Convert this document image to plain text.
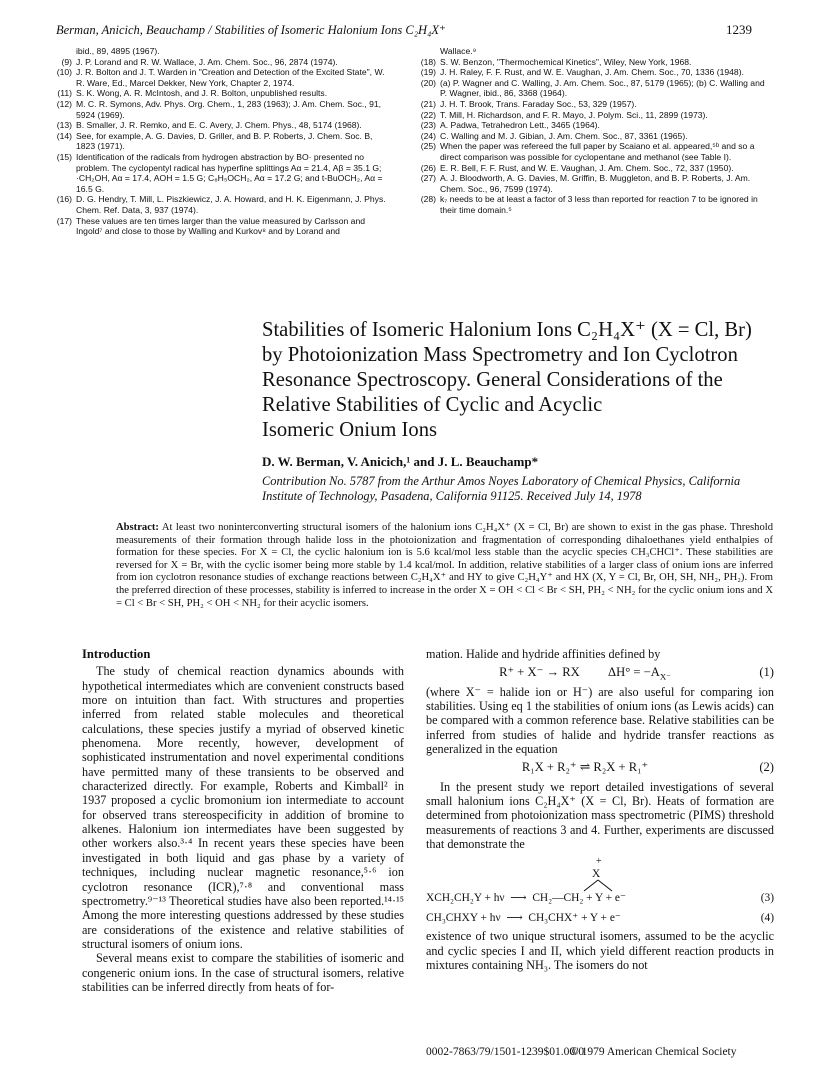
Berman, Anicich, Beauchamp / Stabilities of Isomeric Halonium Ions C₂H₄X⁺	1239
ibid., 89, 4895 (1967).
(9) J. P. Lorand and R. W. Wallace, J. Am. Chem. Soc., 96, 2874 (1974).
(10) J. R. Bolton and J. T. Warden in "Creation and Detection of the Excited State", W. R. Ware, Ed., Marcel Dekker, New York, Chapter 2, 1974.
(11) S. K. Wong, A. R. McIntosh, and J. R. Bolton, unpublished results.
(12) M. C. R. Symons, Adv. Phys. Org. Chem., 1, 283 (1963); J. Am. Chem. Soc., 91, 5924 (1969).
(13) B. Smaller, J. R. Remko, and E. C. Avery, J. Chem. Phys., 48, 5174 (1968).
(14) See, for example, A. G. Davies, D. Griller, and B. P. Roberts, J. Chem. Soc. B, 1823 (1971).
(15) Identification of the radicals from hydrogen abstraction by BO· presented no problem. The cyclopentyl radical has hyperfine splittings Aα = 21.4, Aβ = 35.1 G; ·CH₂OH, Aα = 17.4, AOH = 1.5 G; C₆H₅OCH₂, Aα = 17.2 G; and t-BuOCH₂, Aα = 16.5 G.
(16) D. G. Hendry, T. Mill, L. Piszkiewicz, J. A. Howard, and H. K. Eigenmann, J. Phys. Chem. Ref. Data, 3, 937 (1974).
(17) These values are ten times larger than the value measured by Carlsson and Ingold⁷ and close to those by Walling and Kurkov⁸ and by Lorand and
Wallace.⁹
(18) S. W. Benzon, "Thermochemical Kinetics", Wiley, New York, 1968.
(19) J. H. Raley, F. F. Rust, and W. E. Vaughan, J. Am. Chem. Soc., 70, 1336 (1948).
(20) (a) P. Wagner and C. Walling, J. Am. Chem. Soc., 87, 5179 (1965); (b) C. Walling and P. Wagner, ibid., 86, 3368 (1964).
(21) J. H. T. Brook, Trans. Faraday Soc., 53, 329 (1957).
(22) T. Mill, H. Richardson, and F. R. Mayo, J. Polym. Sci., 11, 2899 (1973).
(23) A. Padwa, Tetrahedron Lett., 3465 (1964).
(24) C. Walling and M. J. Gibian, J. Am. Chem. Soc., 87, 3361 (1965).
(25) When the paper was refereed the full paper by Scaiano et al. appeared,⁵ᵇ and so a direct comparison was possible for cyclopentane and methanol (see Table I).
(26) E. R. Bell, F. F. Rust, and W. E. Vaughan, J. Am. Chem. Soc., 72, 337 (1950).
(27) A. J. Bloodworth, A. G. Davies, M. Griffin, B. Muggleton, and B. P. Roberts, J. Am. Chem. Soc., 96, 7599 (1974).
(28) k₇ needs to be at least a factor of 3 less than reported for reaction 7 to be ignored in their time domain.⁵
Stabilities of Isomeric Halonium Ions C₂H₄X⁺ (X = Cl, Br)
by Photoionization Mass Spectrometry and Ion Cyclotron
Resonance Spectroscopy. General Considerations of the
Relative Stabilities of Cyclic and Acyclic
Isomeric Onium Ions
D. W. Berman, V. Anicich,¹ and J. L. Beauchamp*
Contribution No. 5787 from the Arthur Amos Noyes Laboratory of Chemical Physics, California Institute of Technology, Pasadena, California 91125. Received July 14, 1978
Abstract: At least two noninterconverting structural isomers of the halonium ions C₂H₄X⁺ (X = Cl, Br) are shown to exist in the gas phase. Threshold measurements of their formation through halide loss in the photoionization and fragmentation of corresponding dihaloethanes yield enthalpies of formation for these species. For X = Cl, the cyclic halonium ion is 5.6 kcal/mol less stable than the acyclic species CH₃CHCl⁺. These stabilities are reversed for X = Br, with the cyclic isomer being more stable by 1.4 kcal/mol. In addition, relative stabilities of a larger class of onium ions are inferred from ion cyclotron resonance studies of exchange reactions between C₂H₄X⁺ and HY to give C₂H₄Y⁺ and HX (X, Y = Cl, Br, OH, SH, NH₂, PH₂). From the preferred direction of these processes, stability is inferred to increase in the order X = OH < Cl < Br < SH, PH₂ < NH₂ for the cyclic onium ions and X = Cl < Br < SH, PH₂ < OH < NH₂ for their acyclic isomers.
Introduction

The study of chemical reaction dynamics abounds with hypothetical intermediates which are convenient constructs based more on intuition than fact. With structures and properties inferred from related stable molecules and theoretical calculations, these species justify a myriad of observed kinetic phenomena. More recently, however, development of sophisticated instrumentation and novel experimental conditions have permitted many of these transients to be observed and characterized directly. For example, Roberts and Kimball² in 1937 proposed a cyclic bromonium ion intermediate to account for observed trans stereospecificity in addition of bromine to alkenes. Halonium ion intermediates have been suggested by other workers also.³·⁴ In recent years these species have been investigated in both liquid and gas phase by a variety of techniques, including nuclear magnetic resonance,⁵·⁶ ion cyclotron resonance (ICR),⁷·⁸ and conventional mass spectrometry.⁹⁻¹³ Theoretical studies have also been reported.¹⁴·¹⁵ Among the more interesting questions addressed by these studies are considerations of the existence and relative stabilities of structural isomers of onium ions.

Several means exist to compare the stabilities of isomeric and congeneric onium ions. In the case of structural isomers, relative stabilities can be inferred directly from heats of for-

mation. Halide and hydride affinities defined by

R⁺ + X⁻ → RX $\Delta H^\circ = -A_{X^-}$	(1)

(where X⁻ = halide ion or H⁻) are also useful for comparing ion stabilities. Using eq 1 the stabilities of onium ions (as Lewis acids) can be compared with a common reference base. Relative stabilities can be inferred from studies of halide and hydride transfer reactions as generalized in the equation

R₁X + R₂⁺ ⇌ R₂X + R₁⁺	(2)

In the present study we report detailed investigations of several small halonium ions C₂H₄X⁺ (X = Cl, Br). Heats of formation are determined from photoionization mass spectrometric (PIMS) threshold measurements of reactions 3 and 4. Further, experiments are discussed that demonstrate the

X
+
XCH₂CH₂Y + hν  ⟶  CH₂—CH₂ + Y + e⁻	(3)
CH₃CHXY + hν  ⟶  CH₃CHX⁺ + Y + e⁻	(4)

existence of two unique structural isomers, assumed to be the acyclic and cyclic species I and II, which yield different reaction products in mixtures containing NH₃. The isomers do not

0002-7863/79/1501-1239$01.00/0
© 1979 American Chemical Society
